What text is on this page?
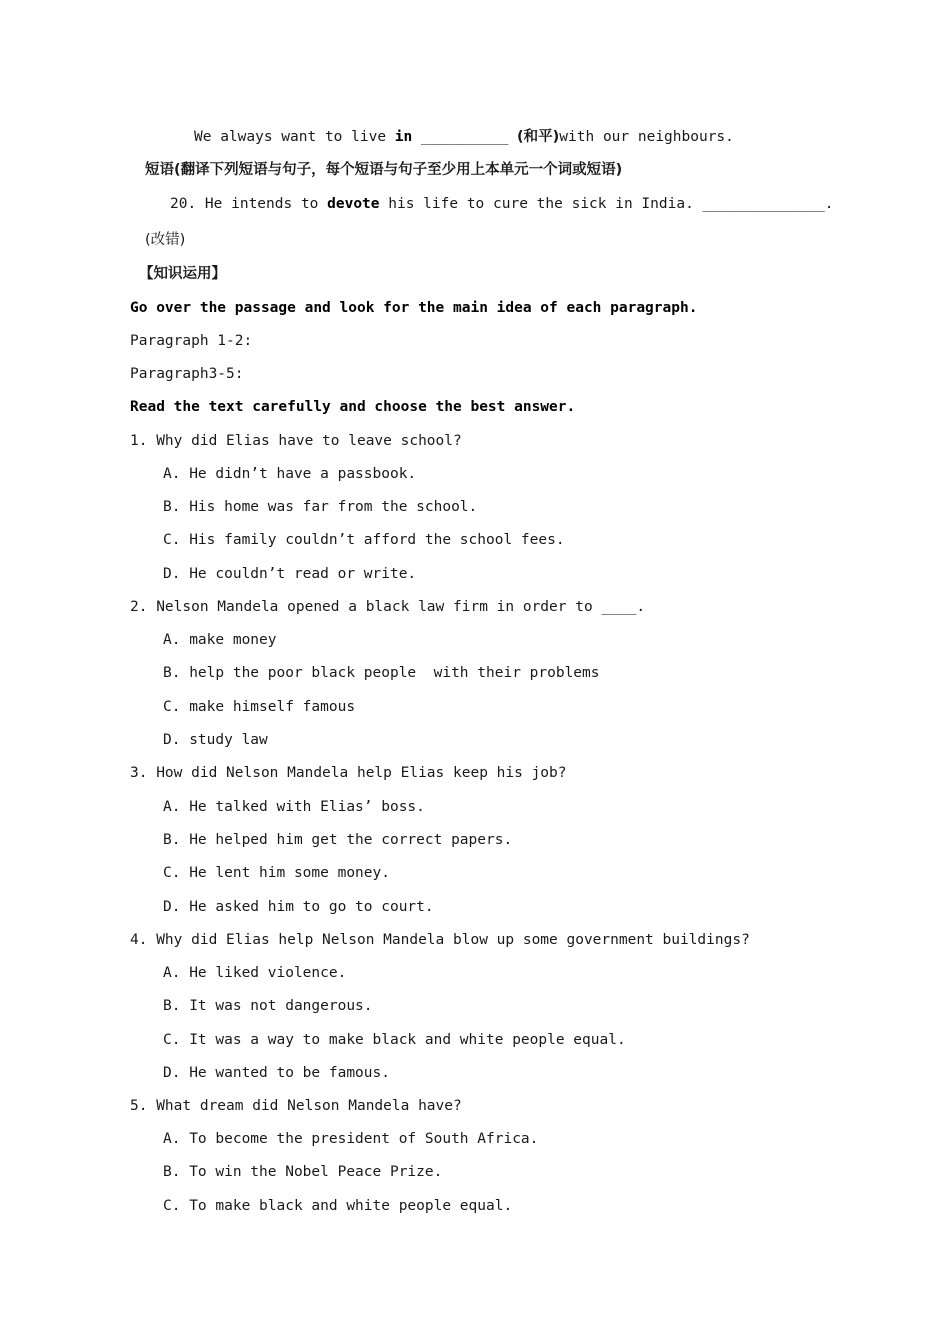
We always want to live in __________ (和平)with our neighbours.
短语(翻译下列短语与句子，每个短语与句子至少用上本单元一个词或短语)
20. He intends to devote his life to cure the sick in India. ______________.
(改错)
【知识运用】
Go over the passage and look for the main idea of each paragraph.
Paragraph 1-2:
Paragraph3-5:
Read the text carefully and choose the best answer.
1. Why did Elias have to leave school?
A. He didn’t have a passbook.
B. His home was far from the school.
C. His family couldn’t afford the school fees.
D. He couldn’t read or write.
2. Nelson Mandela opened a black law firm in order to ____.
A. make money
B. help the poor black people  with their problems
C. make himself famous
D. study law
3. How did Nelson Mandela help Elias keep his job?
A. He talked with Elias’ boss.
B. He helped him get the correct papers.
C. He lent him some money.
D. He asked him to go to court.
4. Why did Elias help Nelson Mandela blow up some government buildings?
A. He liked violence.
B. It was not dangerous.
C. It was a way to make black and white people equal.
D. He wanted to be famous.
5. What dream did Nelson Mandela have?
A. To become the president of South Africa.
B. To win the Nobel Peace Prize.
C. To make black and white people equal.
